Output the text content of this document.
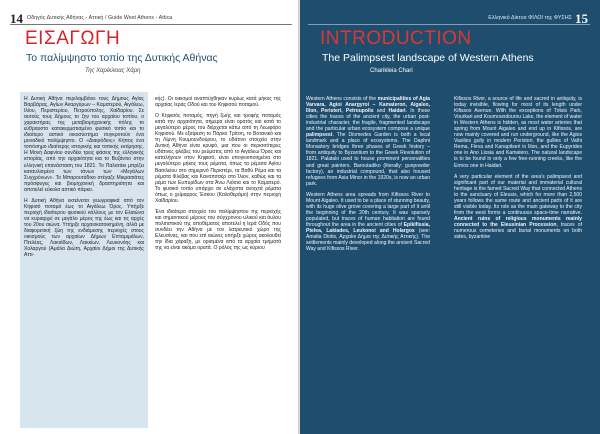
14 Οδηγός Δυτικής Αθήνας - Αττική / Guide West Athens - Attica
ΕΙΣΑΓΩΓΗ
Το παλίμψηστο τοπίο της Δυτικής Αθήνας
Της Χαρίκλειας Χάρη

Η Δυτική Αθήνα περιλαμβάνει τους Δήμους Αγίας Βαρβάρας, Αγίων Αναργύρων – Καματερού, Αιγάλεω, Ιλίου, Περιστερίου, Πετρούπολης, Χαϊδαρίου. Σε αυτούς τους Δήμους το ζην του αρχαίου τοπίου, ο χαρακτήρας της μεταβιομηχανικής πόλης το εύθραυστο κατακερματισμένο φυσικό τοπίο και το ιδιαίτερο αστικό οικοσύστημα συγκροτούν ένα μοναδικό παλίμψηστο. Ο «Διαιρόδιος» Κήπος ένα τοπόσημο ιδιαίτερης ιστορικής και τοπικής εκτίμησης. Η Μονή Δαφνίου συνδέει τρεις φάσεις της ελληνικής ιστορίας, από την αρχαιότητα και το Βυζάντιο στην ελληνική επανάσταση του 1821. Το Παλατάκι μπρίζει καταυλισμένο των τάνων των «Μεγάλων Συγχρόνων». Το Μπαρουτάδικο στέγαζε Μικρασιάτες πρόσφυγες και βιομηχανική δραστηριότητα και αποτελεί εύκολα αστικό πάρκο.

Η Δυτική Αθήνα εκτείνεται γεωγραφικά από τον Κηφισό ποταμό έως το Αιγάλεω Όρος. Υπήρξε περιοχή ιδιαίτερου φυσικού κάλλους με τον Ελαιώνα να κυριαρχεί σε μεγάλο μέρος της έως και τις αρχές του 20ου αιώνα. Υπήρξε αρχαιοκατοικημένη, αλλά με διαφορετική ζώη της ενδιάμεσης περιοχές στους οικισμούς των αρχαίων Δήμων Επταμιμάλων, Πτελέας, Λακιάδων, Λακκίων, Λευκονόης και Χολαργού (Αμάλα Διώτη, Αρχαίοι Δήμοι της Δυτικής Αττι-

κής). Οι οικισμοί αναπτύχθηκαν κυρίως κατά μήκος της αρχαίας Ιεράς Οδού και του Κηφισού ποταμού.

Ο Κηφισός ποταμός, πηγή ζωής και τροφής ποταμός κατά την αρχαιότητα, σήμερα είναι ορατός και κατά το μεγαλύτερο μέρος του διέρχεται κάτω από τη Λεωφόρο Κηφισού. Με εξαίρεση το Πάρκο Τρίτση, το Βοτανικό και τη Λίμνη Κουμουνδούρου, το υδάτινο στοιχείο στην Δυτική Αθήνα είναι κρυφό, μια που οι περισσότερες υδάτινες φλέβες του ρεύματος από το Αιγάλεω Όρος και καταλήγουν στον Κηφισό, είναι υπογειοποιημένα στο μεγαλύτερο μήκος τους ρέματα, όπως τα ρέματα Αγίου Βασιλείου στο σημερινό Περιστέρι, τα Βαθύ Ρέμα και τα ρέματα Φλέβας και Καναπιτσέρ στο Ίλιον, καθώς και τα ρέμα των Ευπυρίδων στα Άνω Λιόσια και το Καματερό. Το φυσικό τοπίο υπάρχει σε ελάχιστα ανοιχτά ρέματα όπως ο χείμαρρος Έσκου (Καλοθεράμο) στην περιοχή Χαϊδαρίου.

Ένα ιδιαίτερο στοιχείο του παλίμψηστου της περιοχής και σημαντικού μέρους του σύγχρονου υλικού και άυλου πολιτιστικού της αποθέματος αποτελεί η Ιερά Οδός που συνδέει την Αθήνα με τον λατρευτικό χώρο της Ελευσίνας, και που επί αιώνες υπήρξε χώρος ακολουθεί την ίδια χάραξη, με ορισμένα από τα αρχαία τμήματά της να είναι ακόμα ορατά. Ο ρόλος της ως κύριου

15
Ελληνικό Δίκτυο ΦΙΛΟΙ της ΦΥΣΗΣ
INTRODUCTION
The Palimpsest landscape of Western Athens
Charikleia Chari

Western Athens consists of the municipalities of Agia Varvara, Agioi Anargyroi – Kamateron, Aigaleo, Ilion, Peristeri, Petroupolis and Haidari. In these cities the traces of the ancient city, the urban post-industrial character, the fragile, fragmented landscape and the particular urban ecosystem compose a unique palimpsest. The Diomedes Garden is both a local landmark and a place of ecosystems. The Daphni Monastery bridges three phases of Greek history – from antiquity to Byzantium to the Greek Revolution of 1821. Palataki used to house prominent personalities and great painters. Baroutadiko (literally: gunpowder factory), an industrial compound, that also housed refugees from Asia Minor in the 1920s, is now an urban park.

Western Athens area spreads from Kifissos River to Mount Aigaleo. It used to be a place of stunning beauty, with its huge olive grove covering a large part of it until the beginning of the 20th century. It was sparsely populated, but traces of human habitation are found throughout the area in the ancient cities of Epikifissia, Ptelea, Lakiades, Leukonoi and Holargos (see: Amalia Diotis, Αρχαίοι Δήμοι της Δυτικής Αττικής). The settlements mainly developed along the ancient Sacred Way and Kifissos River.

Kifissos River, a source of life and sacred in antiquity, is today invisible, flowing for most of its length under Kifissos Avenue. With the exceptions of Tritsis Park, Vourkari and Koumoundourou Lake, the element of water in Western Athens is hidden, as most water arteries that spring from Mount Aigaleo and end up in Kifissos, are now mainly covered and run underground, like the Agios Vasilios gully in modern Peristeri, the gullies of Vathi Rema, Fleva and Kanapitseri in Ilion, and the Eupyrides one in Ano Liosia and Kamatero. The natural landscape is to be found in only a few free-running creeks, like the Ermos one in Haidari.

A very particular element of the area's palimpsest and significant part of our material and immaterial cultural heritage is the famed Sacred Way that connected Athens to the sanctuary of Eleusis, which for more than 2,500 years follows the same route and ancient parts of it are still visible today. Its role as the main gateway to the city from the west forms a continuous space-time narrative. Ancient ruins of religious monuments mainly connected to the Eleusinian Procession, traces of numerous cemeteries and burial monuments on both sides, byzantine
